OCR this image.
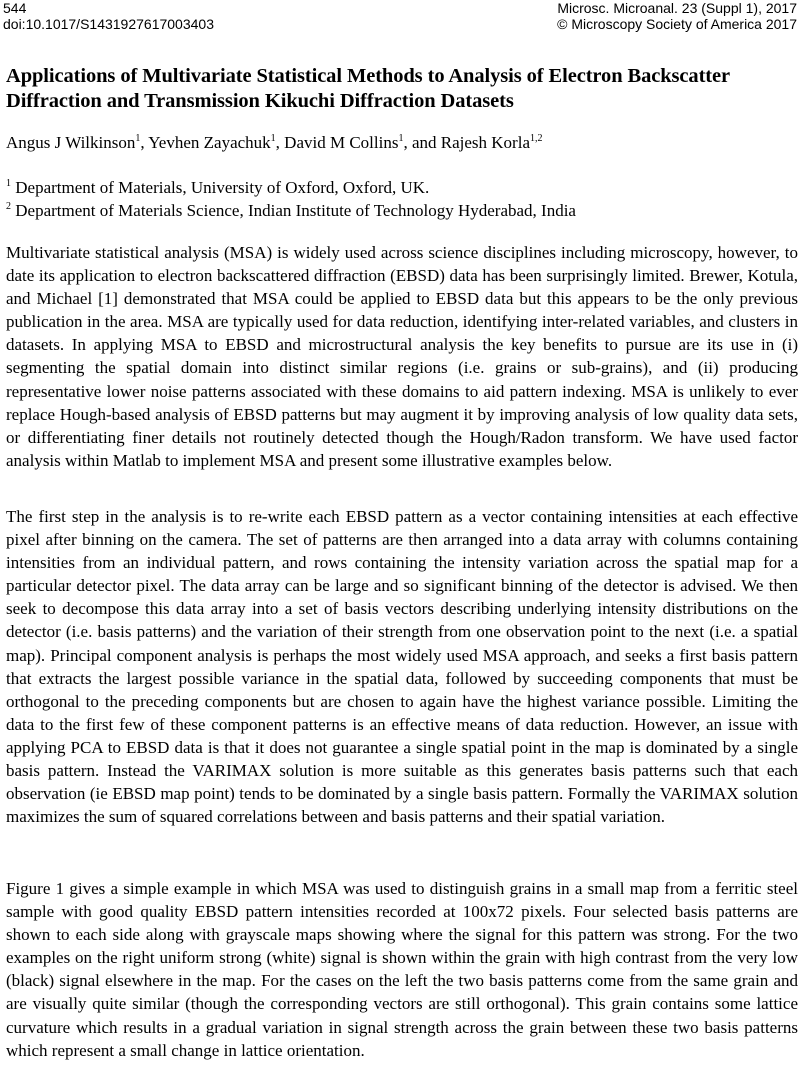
544
doi:10.1017/S1431927617003403
Microsc. Microanal. 23 (Suppl 1), 2017
© Microscopy Society of America 2017
Applications of Multivariate Statistical Methods to Analysis of Electron Backscatter Diffraction and Transmission Kikuchi Diffraction Datasets

Angus J Wilkinson$^1$, Yevhen Zayachuk$^1$, David M Collins$^1$, and Rajesh Korla$^{1,2}$

$^1$ Department of Materials, University of Oxford, Oxford, UK.

$^2$ Department of Materials Science, Indian Institute of Technology Hyderabad, India

Multivariate statistical analysis (MSA) is widely used across science disciplines including microscopy, however, to date its application to electron backscattered diffraction (EBSD) data has been surprisingly limited. Brewer, Kotula, and Michael [1] demonstrated that MSA could be applied to EBSD data but this appears to be the only previous publication in the area. MSA are typically used for data reduction, identifying inter-related variables, and clusters in datasets. In applying MSA to EBSD and microstructural analysis the key benefits to pursue are its use in (i) segmenting the spatial domain into distinct similar regions (i.e. grains or sub-grains), and (ii) producing representative lower noise patterns associated with these domains to aid pattern indexing. MSA is unlikely to ever replace Hough-based analysis of EBSD patterns but may augment it by improving analysis of low quality data sets, or differentiating finer details not routinely detected though the Hough/Radon transform. We have used factor analysis within Matlab to implement MSA and present some illustrative examples below.

The first step in the analysis is to re-write each EBSD pattern as a vector containing intensities at each effective pixel after binning on the camera. The set of patterns are then arranged into a data array with columns containing intensities from an individual pattern, and rows containing the intensity variation across the spatial map for a particular detector pixel. The data array can be large and so significant binning of the detector is advised. We then seek to decompose this data array into a set of basis vectors describing underlying intensity distributions on the detector (i.e. basis patterns) and the variation of their strength from one observation point to the next (i.e. a spatial map). Principal component analysis is perhaps the most widely used MSA approach, and seeks a first basis pattern that extracts the largest possible variance in the spatial data, followed by succeeding components that must be orthogonal to the preceding components but are chosen to again have the highest variance possible. Limiting the data to the first few of these component patterns is an effective means of data reduction. However, an issue with applying PCA to EBSD data is that it does not guarantee a single spatial point in the map is dominated by a single basis pattern. Instead the VARIMAX solution is more suitable as this generates basis patterns such that each observation (ie EBSD map point) tends to be dominated by a single basis pattern. Formally the VARIMAX solution maximizes the sum of squared correlations between and basis patterns and their spatial variation.

Figure 1 gives a simple example in which MSA was used to distinguish grains in a small map from a ferritic steel sample with good quality EBSD pattern intensities recorded at 100x72 pixels. Four selected basis patterns are shown to each side along with grayscale maps showing where the signal for this pattern was strong. For the two examples on the right uniform strong (white) signal is shown within the grain with high contrast from the very low (black) signal elsewhere in the map. For the cases on the left the two basis patterns come from the same grain and are visually quite similar (though the corresponding vectors are still orthogonal). This grain contains some lattice curvature which results in a gradual variation in signal strength across the grain between these two basis patterns which represent a small change in lattice orientation.
